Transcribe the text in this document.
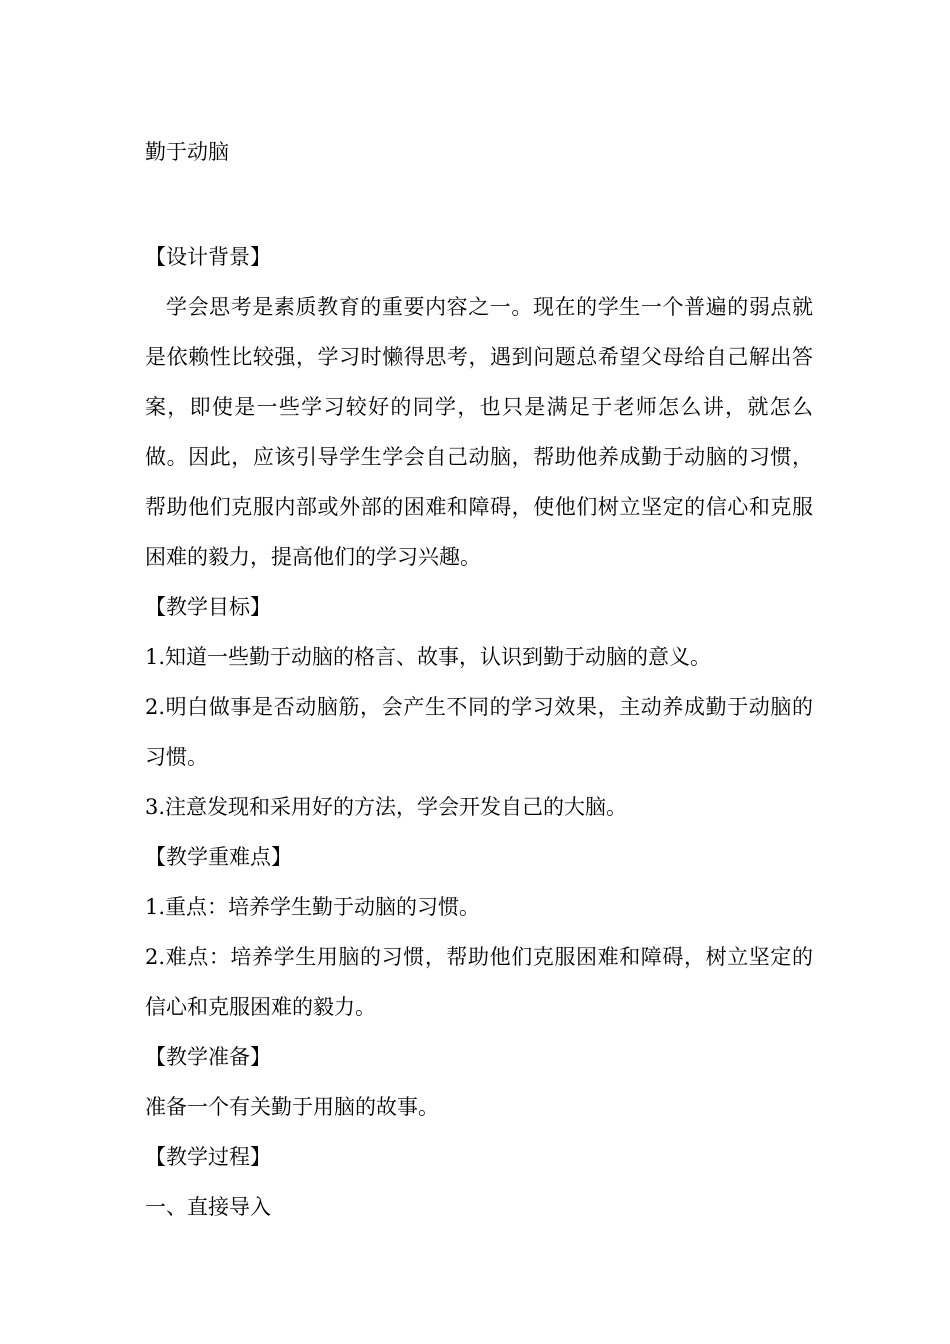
勤于动脑

【设计背景】

学会思考是素质教育的重要内容之一。现在的学生一个普遍的弱点就是依赖性比较强，学习时懒得思考，遇到问题总希望父母给自己解出答案，即使是一些学习较好的同学，也只是满足于老师怎么讲，就怎么做。因此，应该引导学生学会自己动脑，帮助他养成勤于动脑的习惯，帮助他们克服内部或外部的困难和障碍，使他们树立坚定的信心和克服困难的毅力，提高他们的学习兴趣。

【教学目标】

1.知道一些勤于动脑的格言、故事，认识到勤于动脑的意义。

2.明白做事是否动脑筋，会产生不同的学习效果，主动养成勤于动脑的习惯。

3.注意发现和采用好的方法，学会开发自己的大脑。

【教学重难点】

1.重点：培养学生勤于动脑的习惯。

2.难点：培养学生用脑的习惯，帮助他们克服困难和障碍，树立坚定的信心和克服困难的毅力。

【教学准备】

准备一个有关勤于用脑的故事。

【教学过程】

一、直接导入
